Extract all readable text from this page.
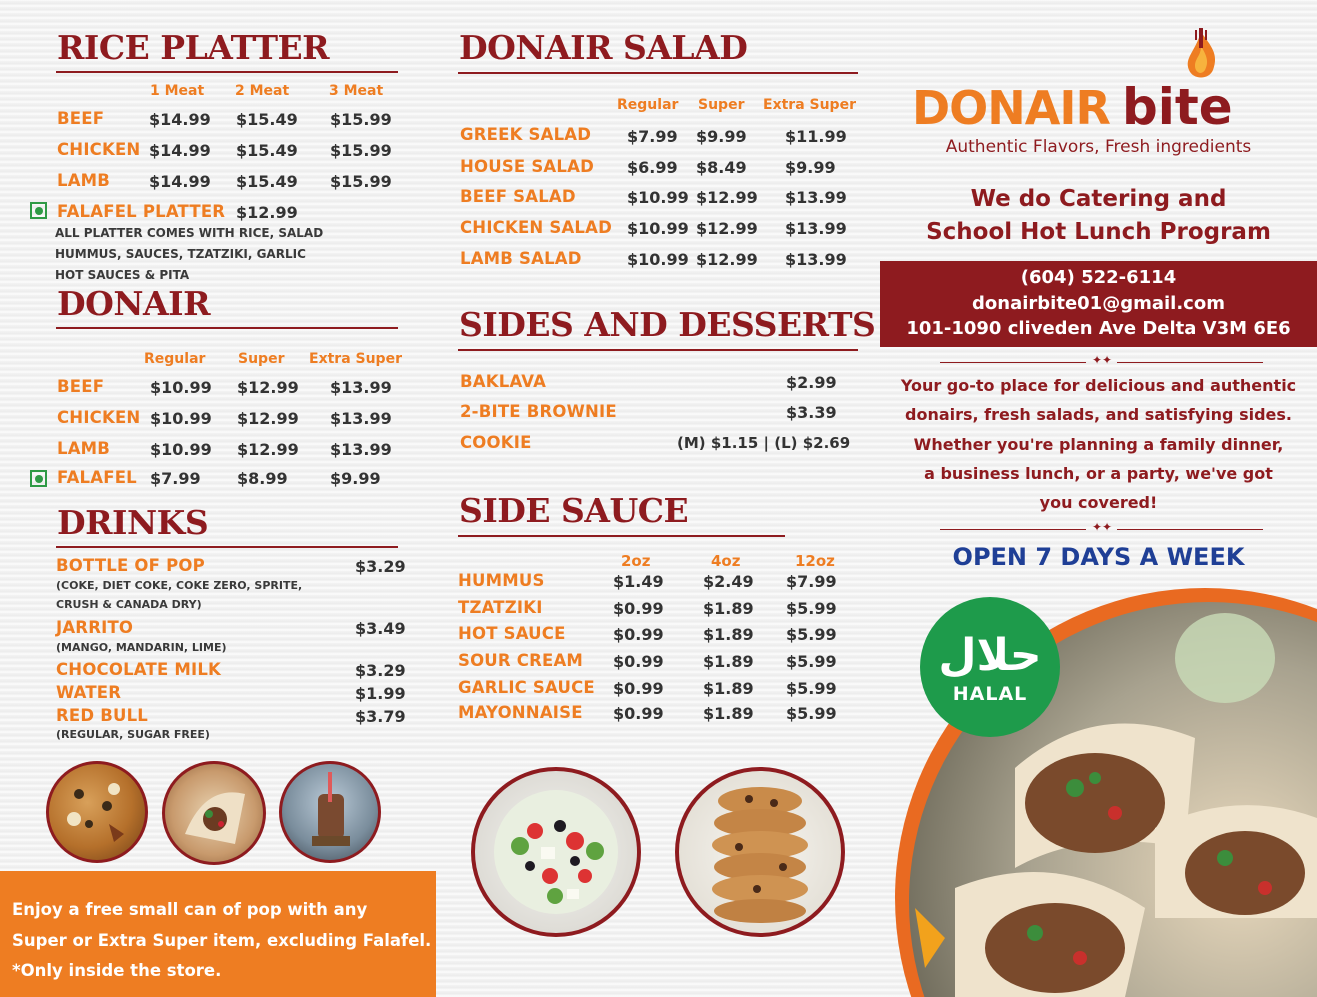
RICE PLATTER
1 Meat 2 Meat	3 Meat
BEEF	$14.99 $15.49 $15.99
CHICKEN $14.99 $15.49 $15.99
LAMB $14.99 $15.49 $15.99
FALAFEL PLATTER $12.99
ALL PLATTER COMES WITH RICE, SALAD
HUMMUS, SAUCES, TZATZIKI, GARLIC
HOT SAUCES & PITA
DONAIR
Regular Super Extra Super
BEEF	$10.99 $12.99 $13.99
CHICKEN $10.99 $12.99 $13.99
LAMB $10.99 $12.99 $13.99
FALAFEL $7.99 $8.99	$9.99
DRINKS
BOTTLE OF POP	$3.29
(COKE, DIET COKE, COKE ZERO, SPRITE,
CRUSH & CANADA DRY)
JARRITO	$3.49
(MANGO, MANDARIN, LIME)
CHOCOLATE MILK	$3.29
WATER	$1.99
RED BULL	$3.79
(REGULAR, SUGAR FREE)
Enjoy a free small can of pop with any
Super or Extra Super item, excluding Falafel.
*Only inside the store.
DONAIR SALAD
Regular Super Extra Super
GREEK SALAD $7.99 $9.99 $11.99
HOUSE SALAD $6.99 $8.49 $9.99
BEEF SALAD	$10.99 $12.99 $13.99
CHICKEN SALAD $10.99 $12.99 $13.99
LAMB SALAD	$10.99 $12.99 $13.99
SIDES AND DESSERTS
BAKLAVA	$2.99
2-BITE BROWNIE	$3.39
COOKIE	(M) $1.15 | (L) $2.69
SIDE SAUCE
2oz	4oz	12oz
HUMMUS	$1.49 $2.49 $7.99
TZATZIKI	$0.99 $1.89 $5.99
HOT SAUCE	$0.99 $1.89 $5.99
SOUR CREAM $0.99 $1.89 $5.99
GARLIC SAUCE $0.99 $1.89 $5.99
MAYONNAISE $0.99 $1.89 $5.99
DONAIR bite
Authentic Flavors, Fresh ingredients
We do Catering and
School Hot Lunch Program
(604) 522-6114
donairbite01@gmail.com
101-1090 cliveden Ave Delta V3M 6E6
✦✦
Your go-to place for delicious and authentic
donairs, fresh salads, and satisfying sides.
Whether you're planning a family dinner,
a business lunch, or a party, we've got
you covered!
✦✦
OPEN 7 DAYS A WEEK
حلال
HALAL
